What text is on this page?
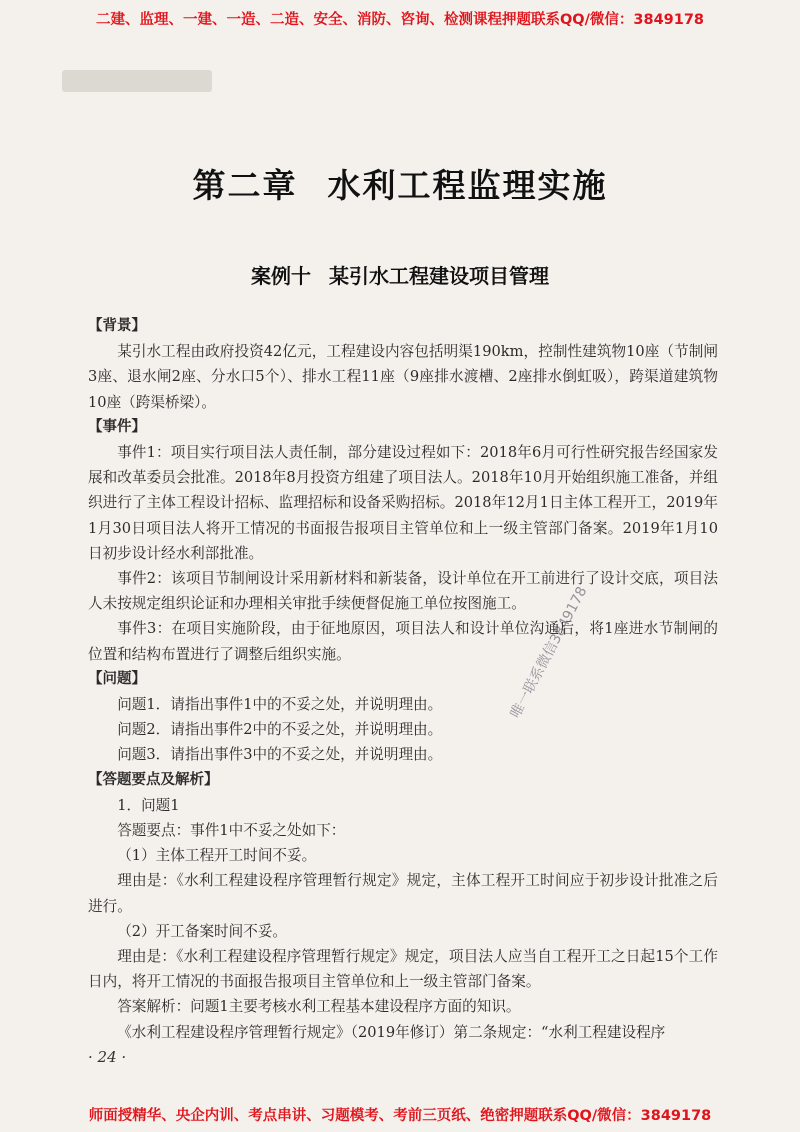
二建、监理、一建、一造、二造、安全、消防、咨询、检测课程押题联系QQ/微信：3849178
第二章 水利工程监理实施
案例十 某引水工程建设项目管理

【背景】

某引水工程由政府投资42亿元，工程建设内容包括明渠190km，控制性建筑物10座（节制闸3座、退水闸2座、分水口5个）、排水工程11座（9座排水渡槽、2座排水倒虹吸），跨渠道建筑物10座（跨渠桥梁）。

【事件】

事件1：项目实行项目法人责任制，部分建设过程如下：2018年6月可行性研究报告经国家发展和改革委员会批准。2018年8月投资方组建了项目法人。2018年10月开始组织施工准备，并组织进行了主体工程设计招标、监理招标和设备采购招标。2018年12月1日主体工程开工，2019年1月30日项目法人将开工情况的书面报告报项目主管单位和上一级主管部门备案。2019年1月10日初步设计经水利部批准。

事件2：该项目节制闸设计采用新材料和新装备，设计单位在开工前进行了设计交底，项目法人未按规定组织论证和办理相关审批手续便督促施工单位按图施工。

事件3：在项目实施阶段，由于征地原因，项目法人和设计单位沟通后，将1座进水节制闸的位置和结构布置进行了调整后组织实施。

【问题】

问题1．请指出事件1中的不妥之处，并说明理由。

问题2．请指出事件2中的不妥之处，并说明理由。

问题3．请指出事件3中的不妥之处，并说明理由。

【答题要点及解析】

1．问题1

答题要点：事件1中不妥之处如下：

（1）主体工程开工时间不妥。

理由是：《水利工程建设程序管理暂行规定》规定，主体工程开工时间应于初步设计批准之后进行。

（2）开工备案时间不妥。

理由是：《水利工程建设程序管理暂行规定》规定，项目法人应当自工程开工之日起15个工作日内，将开工情况的书面报告报项目主管单位和上一级主管部门备案。

答案解析：问题1主要考核水利工程基本建设程序方面的知识。

《水利工程建设程序管理暂行规定》（2019年修订）第二条规定：“水利工程建设程序

· 24 ·
唯一联系微信3849178
师面授精华、央企内训、考点串讲、习题模考、考前三页纸、绝密押题联系QQ/微信：3849178
